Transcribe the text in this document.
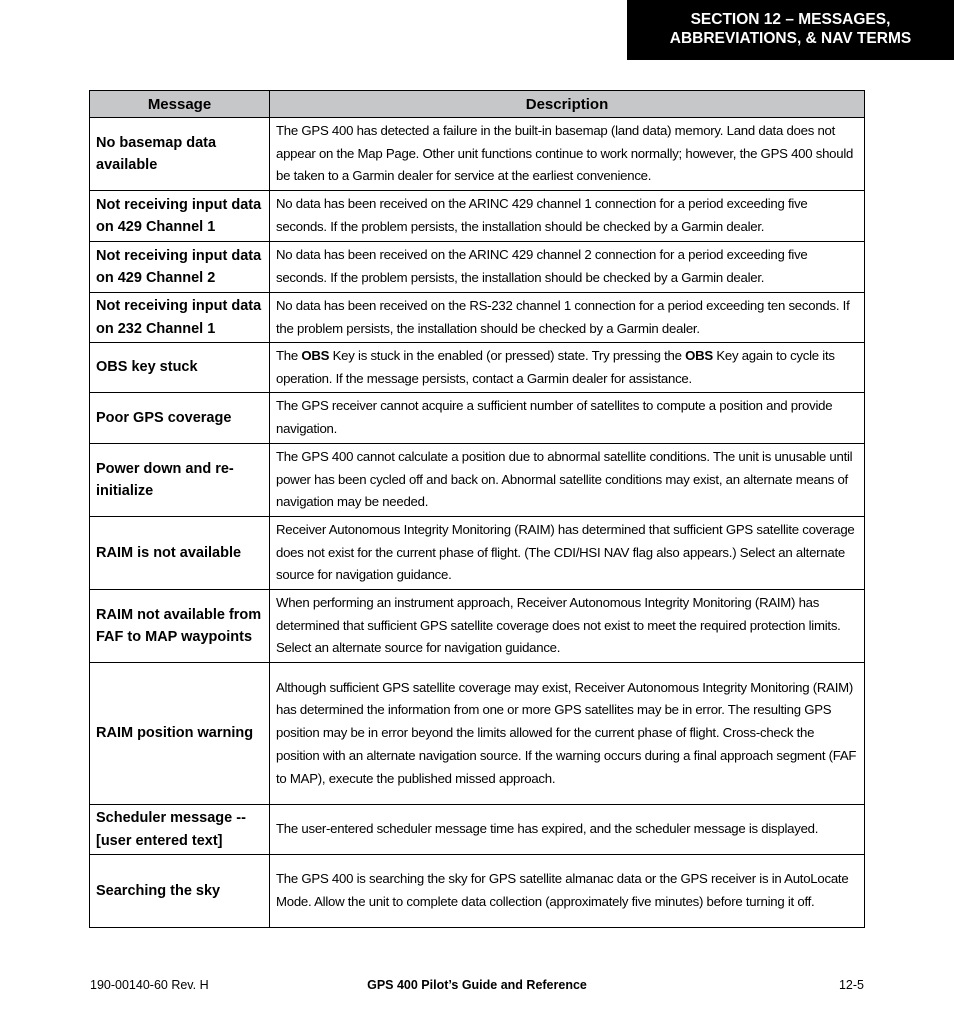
SECTION 12 – MESSAGES,
ABBREVIATIONS, & NAV TERMS
Message	Description
No basemap data available	The GPS 400 has detected a failure in the built-in basemap (land data) memory. Land data does not appear on the Map Page. Other unit functions continue to work normally; however, the GPS 400 should be taken to a Garmin dealer for service at the earliest convenience.
Not receiving input data on 429 Channel 1	No data has been received on the ARINC 429 channel 1 connection for a period exceeding five seconds. If the problem persists, the installation should be checked by a Garmin dealer.
Not receiving input data on 429 Channel 2	No data has been received on the ARINC 429 channel 2 connection for a period exceeding five seconds. If the problem persists, the installation should be checked by a Garmin dealer.
Not receiving input data on 232 Channel 1	No data has been received on the RS-232 channel 1 connection for a period exceeding ten seconds. If the problem persists, the installation should be checked by a Garmin dealer.
OBS key stuck	The OBS Key is stuck in the enabled (or pressed) state. Try pressing the OBS Key again to cycle its operation. If the message persists, contact a Garmin dealer for assistance.
Poor GPS coverage	The GPS receiver cannot acquire a sufficient number of satellites to compute a position and provide navigation.
Power down and re-initialize	The GPS 400 cannot calculate a position due to abnormal satellite conditions. The unit is unusable until power has been cycled off and back on. Abnormal satellite conditions may exist, an alternate means of navigation may be needed.
RAIM is not available	Receiver Autonomous Integrity Monitoring (RAIM) has determined that sufficient GPS satellite coverage does not exist for the current phase of flight. (The CDI/HSI NAV flag also appears.) Select an alternate source for navigation guidance.
RAIM not available from FAF to MAP waypoints	When performing an instrument approach, Receiver Autonomous Integrity Monitoring (RAIM) has determined that sufficient GPS satellite coverage does not exist to meet the required protection limits. Select an alternate source for navigation guidance.
RAIM position warning	Although sufficient GPS satellite coverage may exist, Receiver Autonomous Integrity Monitoring (RAIM) has determined the information from one or more GPS satellites may be in error. The resulting GPS position may be in error beyond the limits allowed for the current phase of flight. Cross-check the position with an alternate navigation source. If the warning occurs during a final approach segment (FAF to MAP), execute the published missed approach.
Scheduler message -- [user entered text]	The user-entered scheduler message time has expired, and the scheduler message is displayed.
Searching the sky	The GPS 400 is searching the sky for GPS satellite almanac data or the GPS receiver is in AutoLocate Mode. Allow the unit to complete data collection (approximately five minutes) before turning it off.
190-00140-60 Rev. H	GPS 400 Pilot’s Guide and Reference	12-5
